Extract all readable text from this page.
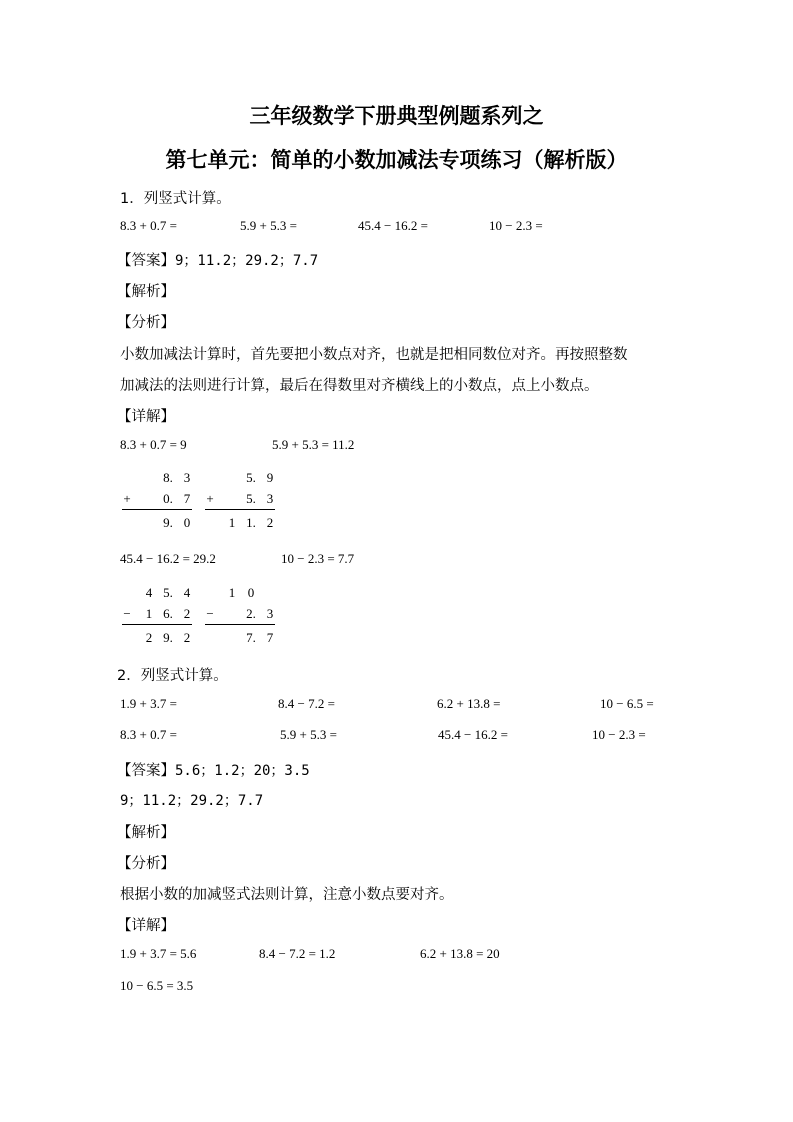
三年级数学下册典型例题系列之
第七单元：简单的小数加减法专项练习（解析版）
1．列竖式计算。
8.3 + 0.7 =	5.9 + 5.3 =	45.4 − 16.2 =	10 − 2.3 =
【答案】9；11.2；29.2；7.7
【解析】
【分析】
小数加减法计算时，首先要把小数点对齐，也就是把相同数位对齐。再按照整数
加减法的法则进行计算，最后在得数里对齐横线上的小数点，点上小数点。
【详解】
8.3 + 0.7 = 9	5.9 + 5.3 = 11.2
8. 3
+ 0. 7
9. 0
5. 9
+ 5. 3
1 1. 2
45.4 − 16.2 = 29.2	10 − 2.3 = 7.7
4 5. 4
− 1 6. 2
2 9. 2
1 0
− 2. 3
7. 7
2．列竖式计算。
1.9 + 3.7 =	8.4 − 7.2 =	6.2 + 13.8 =	10 − 6.5 =
8.3 + 0.7 =	5.9 + 5.3 =	45.4 − 16.2 =	10 − 2.3 =
【答案】5.6；1.2；20；3.5
9；11.2；29.2；7.7
【解析】
【分析】
根据小数的加减竖式法则计算，注意小数点要对齐。
【详解】
1.9 + 3.7 = 5.6	8.4 − 7.2 = 1.2	6.2 + 13.8 = 20
10 − 6.5 = 3.5
